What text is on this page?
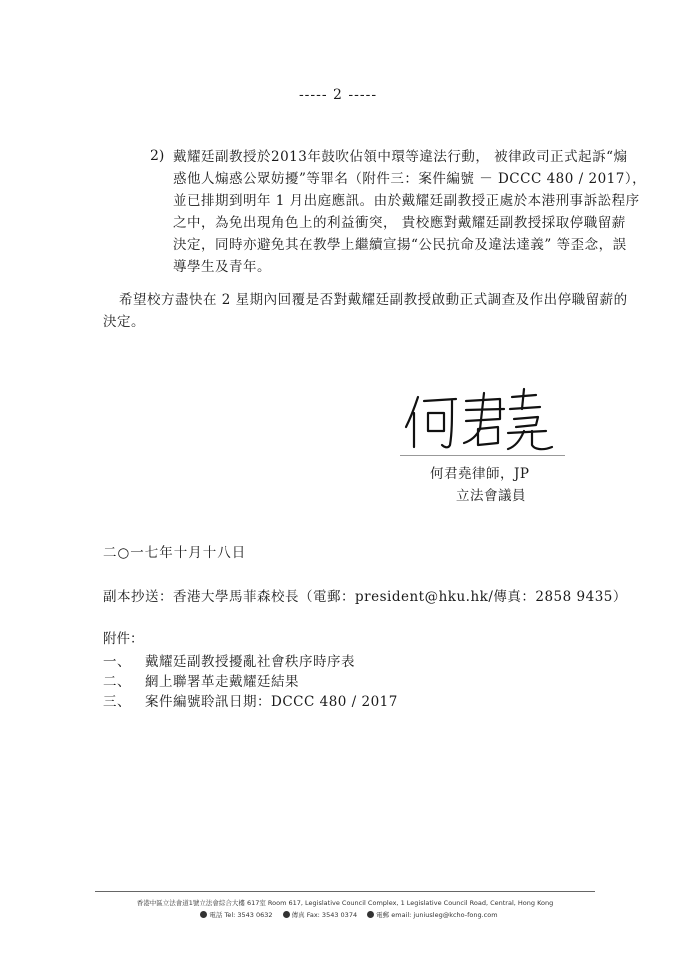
----- 2 -----
2) 戴耀廷副教授於2013年鼓吹佔領中環等違法行動， 被律政司正式起訴“煽
惑他人煽惑公眾妨擾”等罪名（附件三：案件編號 － DCCC 480 / 2017），
並已排期到明年 1 月出庭應訊。由於戴耀廷副教授正處於本港刑事訴訟程序
之中，為免出現角色上的利益衝突， 貴校應對戴耀廷副教授採取停職留薪
決定，同時亦避免其在教學上繼續宣揚“公民抗命及違法達義” 等歪念，誤
導學生及青年。
希望校方盡快在 2 星期內回覆是否對戴耀廷副教授啟動正式調查及作出停職留薪的
決定。
何君堯律師，JP
立法會議員
二○一七年十月十八日
副本抄送：香港大學馬菲森校長（電郵：president@hku.hk/傳真：2858 9435）
附件：
一、 戴耀廷副教授擾亂社會秩序時序表
二、 網上聯署革走戴耀廷結果
三、 案件編號聆訊日期：DCCC 480 / 2017
香港中區立法會道1號立法會綜合大樓 617室 Room 617, Legislative Council Complex, 1 Legislative Council Road, Central, Hong Kong
電話 Tel: 3543 0632	傳真 Fax: 3543 0374	電郵 email: juniusleg@kcho-fong.com
